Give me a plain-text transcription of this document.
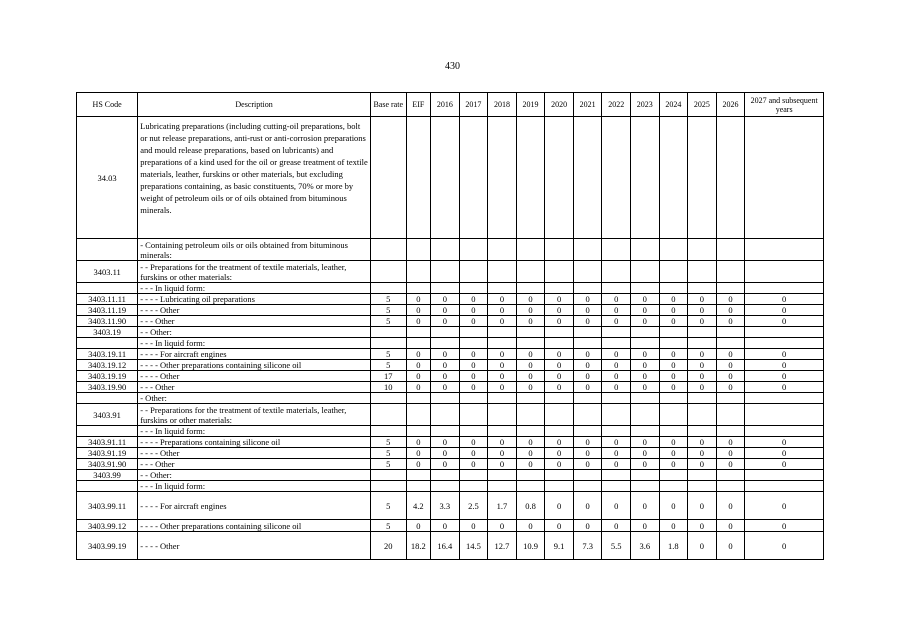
430
HS Code	Description	Base rate	EIF	2016	2017	2018	2019	2020	2021	2022	2023	2024	2025	2026	2027 and subsequent years
34.03	Lubricating preparations (including cutting-oil preparations, bolt or nut release preparations, anti-rust or anti-corrosion preparations and mould release preparations, based on lubricants) and preparations of a kind used for the oil or grease treatment of textile materials, leather, furskins or other materials, but excluding preparations containing, as basic constituents, 70% or more by weight of petroleum oils or of oils obtained from bituminous minerals.														
	- Containing petroleum oils or oils obtained from bituminous minerals:														
3403.11	- - Preparations for the treatment of textile materials, leather, furskins or other materials:														
	- - - In liquid form:														
3403.11.11	- - - - Lubricating oil preparations	5	0	0	0	0	0	0	0	0	0	0	0	0	0
3403.11.19	- - - - Other	5	0	0	0	0	0	0	0	0	0	0	0	0	0
3403.11.90	- - - Other	5	0	0	0	0	0	0	0	0	0	0	0	0	0
3403.19	- - Other:														
	- - - In liquid form:														
3403.19.11	- - - - For aircraft engines	5	0	0	0	0	0	0	0	0	0	0	0	0	0
3403.19.12	- - - - Other preparations containing silicone oil	5	0	0	0	0	0	0	0	0	0	0	0	0	0
3403.19.19	- - - - Other	17	0	0	0	0	0	0	0	0	0	0	0	0	0
3403.19.90	- - - Other	10	0	0	0	0	0	0	0	0	0	0	0	0	0
	- Other:														
3403.91	- - Preparations for the treatment of textile materials, leather, furskins or other materials:														
	- - - In liquid form:														
3403.91.11	- - - - Preparations containing silicone oil	5	0	0	0	0	0	0	0	0	0	0	0	0	0
3403.91.19	- - - - Other	5	0	0	0	0	0	0	0	0	0	0	0	0	0
3403.91.90	- - - Other	5	0	0	0	0	0	0	0	0	0	0	0	0	0
3403.99	- - Other:														
	- - - In liquid form:														
3403.99.11	- - - - For aircraft engines	5	4.2	3.3	2.5	1.7	0.8	0	0	0	0	0	0	0	0
3403.99.12	- - - - Other preparations containing silicone oil	5	0	0	0	0	0	0	0	0	0	0	0	0	0
3403.99.19	- - - - Other	20	18.2	16.4	14.5	12.7	10.9	9.1	7.3	5.5	3.6	1.8	0	0	0
